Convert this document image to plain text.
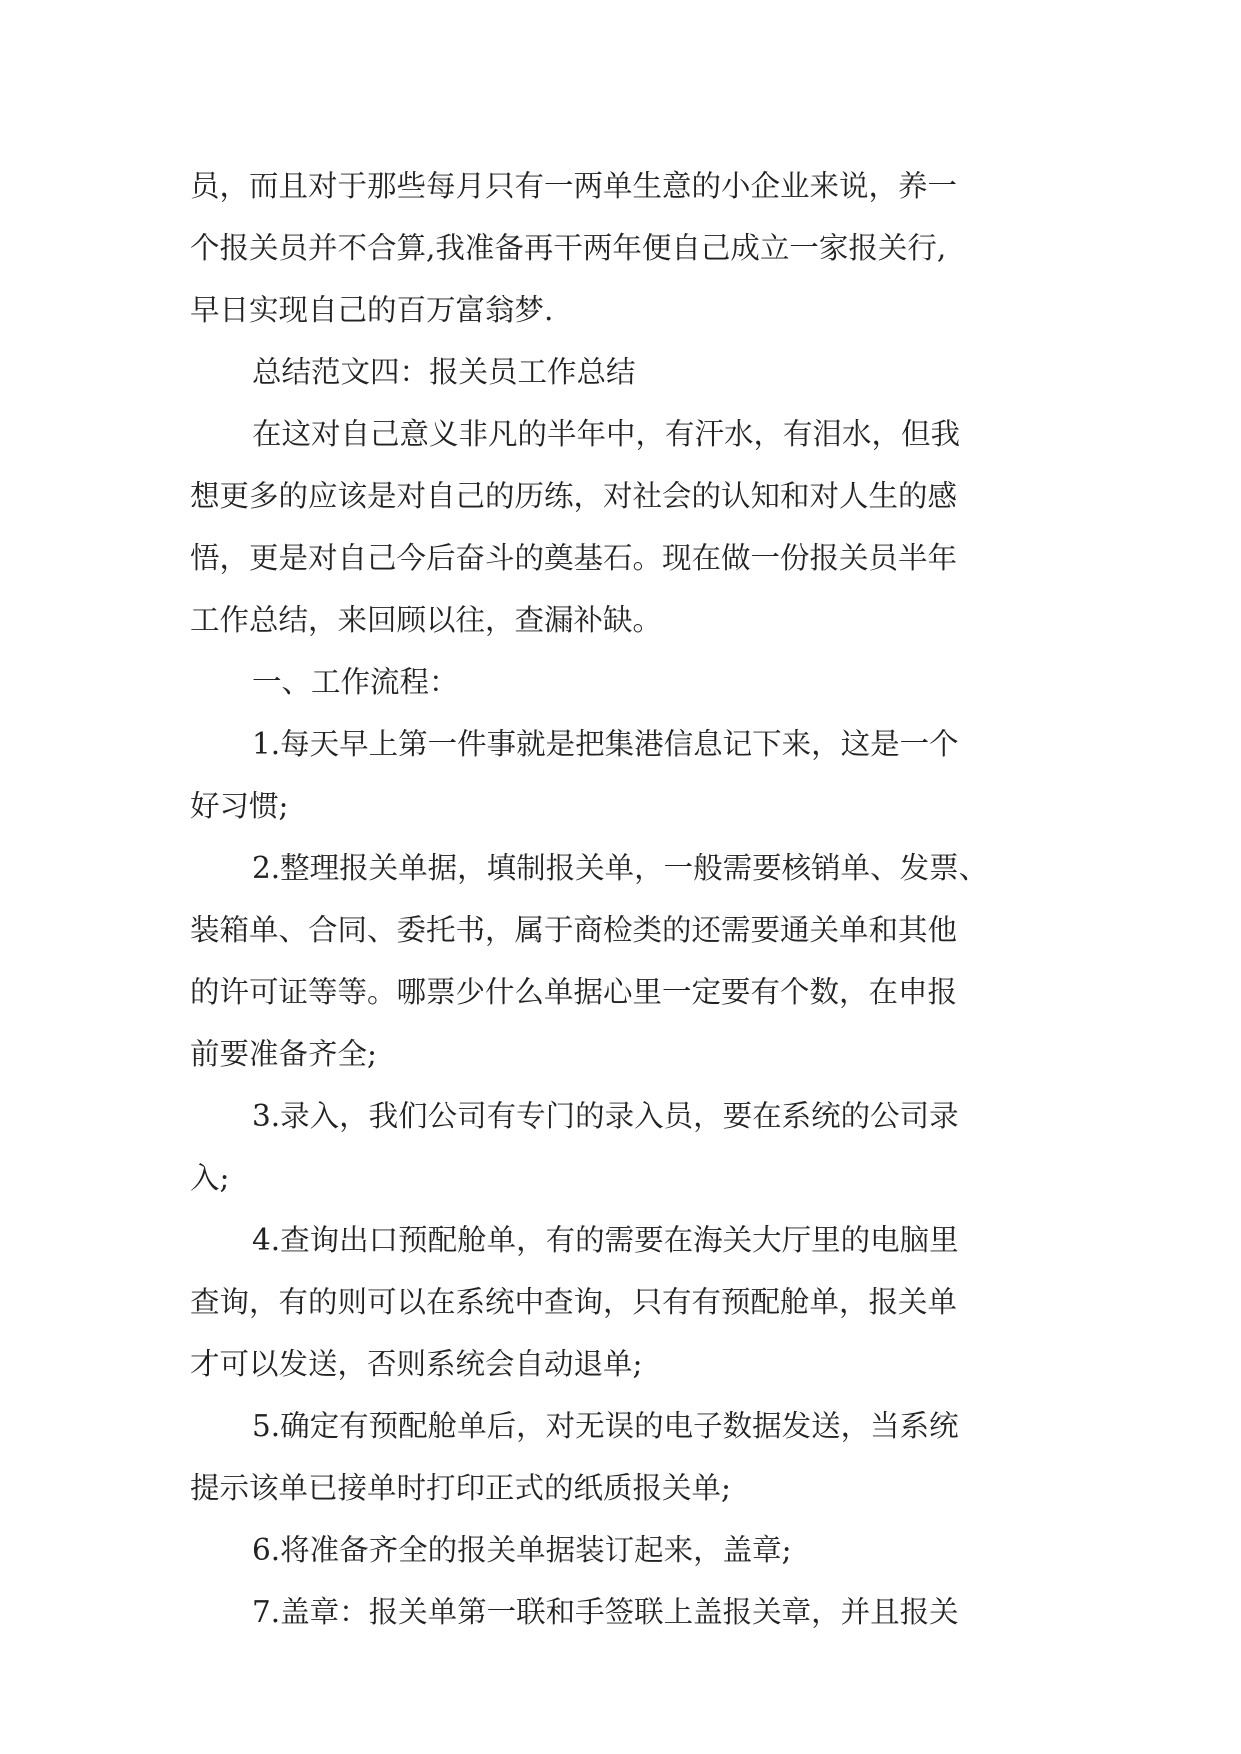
员，而且对于那些每月只有一两单生意的小企业来说，养一
个报关员并不合算,我准备再干两年便自己成立一家报关行,
早日实现自己的百万富翁梦.
总结范文四：报关员工作总结
在这对自己意义非凡的半年中，有汗水，有泪水，但我
想更多的应该是对自己的历练，对社会的认知和对人生的感
悟，更是对自己今后奋斗的奠基石。现在做一份报关员半年
工作总结，来回顾以往，查漏补缺。
一、工作流程：
1.每天早上第一件事就是把集港信息记下来，这是一个
好习惯;
2.整理报关单据，填制报关单，一般需要核销单、发票、
装箱单、合同、委托书，属于商检类的还需要通关单和其他
的许可证等等。哪票少什么单据心里一定要有个数，在申报
前要准备齐全;
3.录入，我们公司有专门的录入员，要在系统的公司录
入;
4.查询出口预配舱单，有的需要在海关大厅里的电脑里
查询，有的则可以在系统中查询，只有有预配舱单，报关单
才可以发送，否则系统会自动退单;
5.确定有预配舱单后，对无误的电子数据发送，当系统
提示该单已接单时打印正式的纸质报关单;
6.将准备齐全的报关单据装订起来，盖章;
7.盖章：报关单第一联和手签联上盖报关章，并且报关
